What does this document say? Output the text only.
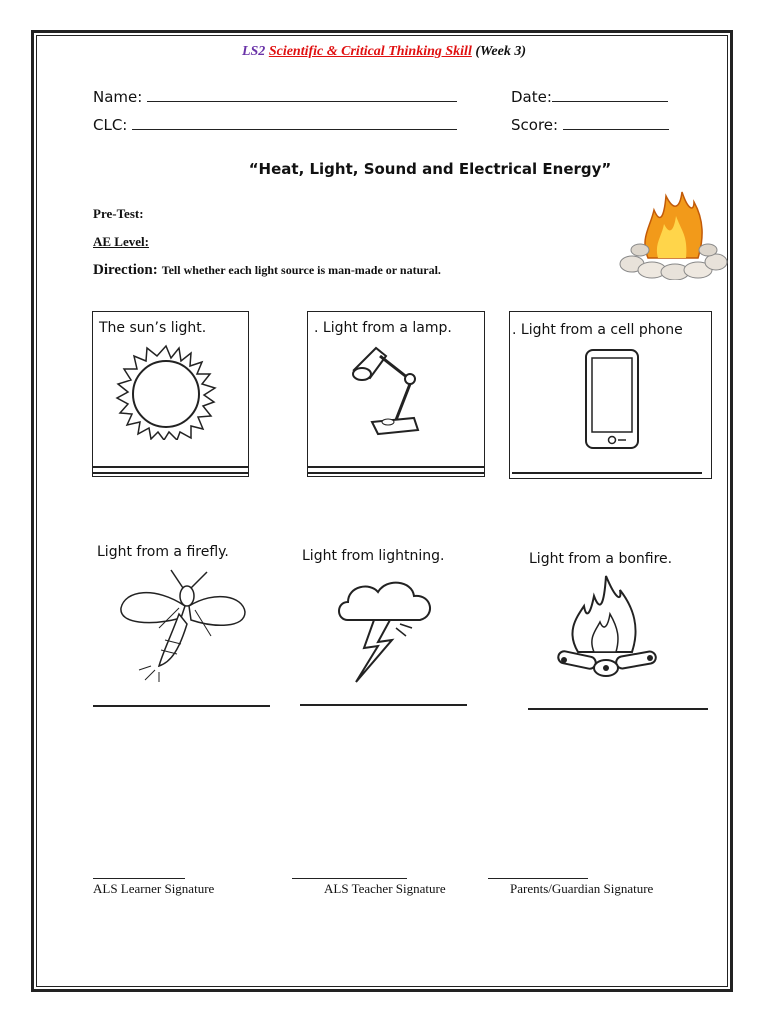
LS2 Scientific & Critical Thinking Skill (Week 3)
Name:	Date:
CLC:	Score:
“Heat, Light, Sound and Electrical Energy”
Pre-Test:
AE Level:
Direction: Tell whether each light source is man-made or natural.
The sun’s light.	. Light from a lamp.	. Light from a cell phone
Light from a firefly.	Light from lightning.	Light from a bonfire.
ALS Learner Signature	ALS Teacher Signature	Parents/Guardian Signature
